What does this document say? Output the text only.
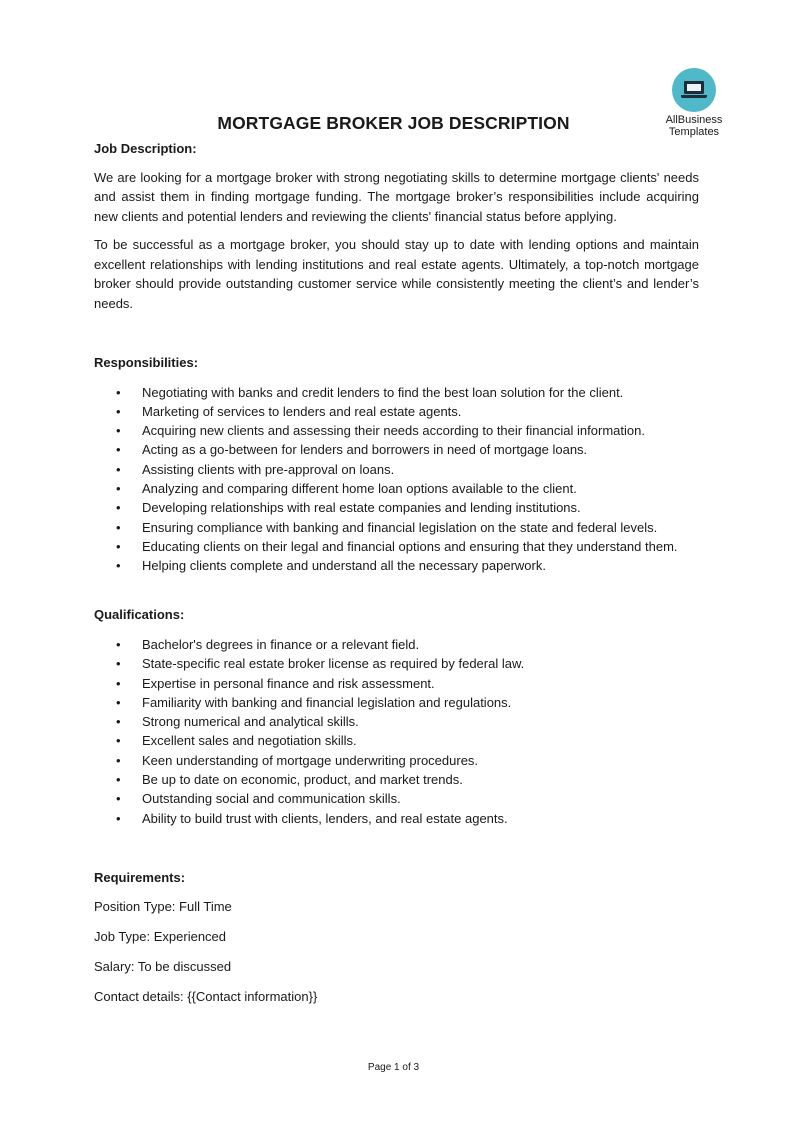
AllBusiness
Templates
MORTGAGE BROKER JOB DESCRIPTION

Job Description:

We are looking for a mortgage broker with strong negotiating skills to determine mortgage clients' needs and assist them in finding mortgage funding. The mortgage broker’s responsibilities include acquiring new clients and potential lenders and reviewing the clients' financial status before applying.

To be successful as a mortgage broker, you should stay up to date with lending options and maintain excellent relationships with lending institutions and real estate agents. Ultimately, a top-notch mortgage broker should provide outstanding customer service while consistently meeting the client’s and lender’s needs.

Responsibilities:

• Negotiating with banks and credit lenders to find the best loan solution for the client.
• Marketing of services to lenders and real estate agents.
• Acquiring new clients and assessing their needs according to their financial information.
• Acting as a go-between for lenders and borrowers in need of mortgage loans.
• Assisting clients with pre-approval on loans.
• Analyzing and comparing different home loan options available to the client.
• Developing relationships with real estate companies and lending institutions.
• Ensuring compliance with banking and financial legislation on the state and federal levels.
• Educating clients on their legal and financial options and ensuring that they understand them.
• Helping clients complete and understand all the necessary paperwork.

Qualifications:

• Bachelor's degrees in finance or a relevant field.
• State-specific real estate broker license as required by federal law.
• Expertise in personal finance and risk assessment.
• Familiarity with banking and financial legislation and regulations.
• Strong numerical and analytical skills.
• Excellent sales and negotiation skills.
• Keen understanding of mortgage underwriting procedures.
• Be up to date on economic, product, and market trends.
• Outstanding social and communication skills.
• Ability to build trust with clients, lenders, and real estate agents.

Requirements:

Position Type: Full Time

Job Type: Experienced

Salary: To be discussed

Contact details: {{Contact information}}

Page 1 of 3
